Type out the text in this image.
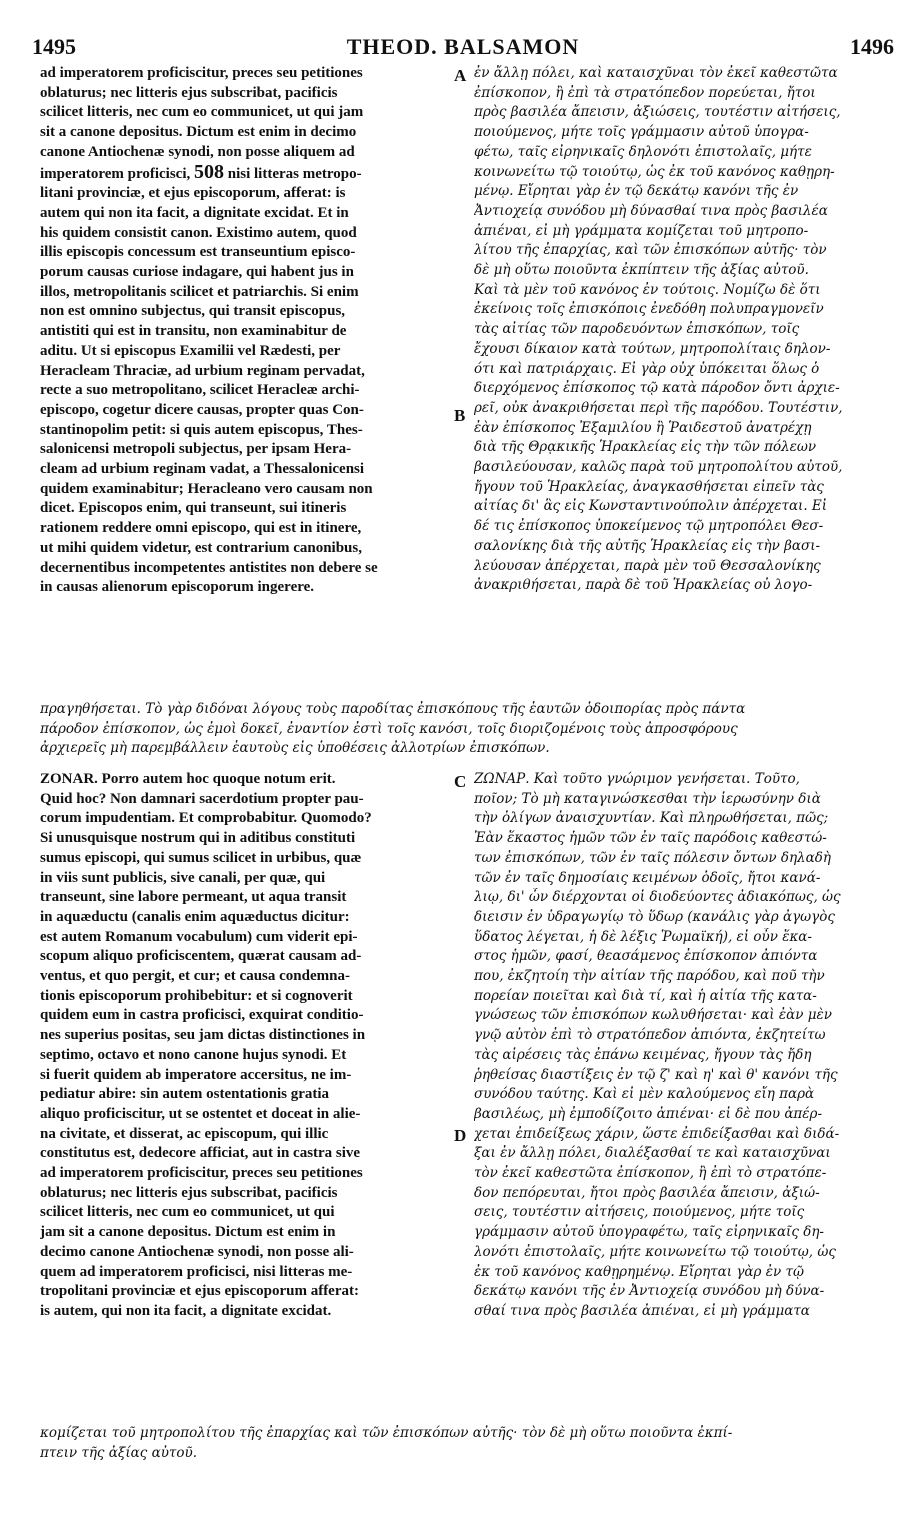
1495	THEOD. BALSAMON	1496
A
B
C
D
ad imperatorem proficiscitur, preces seu petitiones
oblaturus; nec litteris ejus subscribat, pacificis
scilicet litteris, nec cum eo communicet, ut qui jam
sit a canone depositus. Dictum est enim in decimo
canone Antiochenæ synodi, non posse aliquem ad
imperatorem proficisci, 508 nisi litteras metropo-
litani provinciæ, et ejus episcoporum, afferat: is
autem qui non ita facit, a dignitate excidat. Et in
his quidem consistit canon. Existimo autem, quod
illis episcopis concessum est transeuntium episco-
porum causas curiose indagare, qui habent jus in
illos, metropolitanis scilicet et patriarchis. Si enim
non est omnino subjectus, qui transit episcopus,
antistiti qui est in transitu, non examinabitur de
aditu. Ut si episcopus Examilii vel Rædesti, per
Heracleam Thraciæ, ad urbium reginam pervadat,
recte a suo metropolitano, scilicet Heracleæ archi-
episcopo, cogetur dicere causas, propter quas Con-
stantinopolim petit: si quis autem episcopus, Thes-
salonicensi metropoli subjectus, per ipsam Hera-
cleam ad urbium reginam vadat, a Thessalonicensi
quidem examinabitur; Heracleano vero causam non
dicet. Episcopos enim, qui transeunt, sui itineris
rationem reddere omni episcopo, qui est in itinere,
ut mihi quidem videtur, est contrarium canonibus,
decernentibus incompetentes antistites non debere se
in causas alienorum episcoporum ingerere.
ἐν ἄλλῃ πόλει, καὶ καταισχῦναι τὸν ἐκεῖ καθεστῶτα
ἐπίσκοπον, ἢ ἐπὶ τὰ στρατόπεδον πορεύεται, ἤτοι
πρὸς βασιλέα ἄπεισιν, ἀξιώσεις, τουτέστιν αἰτήσεις,
ποιούμενος, μήτε τοῖς γράμμασιν αὐτοῦ ὑπογρα-
φέτω, ταῖς εἰρηνικαῖς δηλονότι ἐπιστολαῖς, μήτε
κοινωνείτω τῷ τοιούτῳ, ὡς ἐκ τοῦ κανόνος καθῃρη-
μένῳ. Εἴρηται γὰρ ἐν τῷ δεκάτῳ κανόνι τῆς ἐν
Ἀντιοχείᾳ συνόδου μὴ δύνασθαί τινα πρὸς βασιλέα
ἀπιέναι, εἰ μὴ γράμματα κομίζεται τοῦ μητροπο-
λίτου τῆς ἐπαρχίας, καὶ τῶν ἐπισκόπων αὐτῆς· τὸν
δὲ μὴ οὕτω ποιοῦντα ἐκπίπτειν τῆς ἀξίας αὐτοῦ.
Καὶ τὰ μὲν τοῦ κανόνος ἐν τούτοις. Νομίζω δὲ ὅτι
ἐκείνοις τοῖς ἐπισκόποις ἐνεδόθη πολυπραγμονεῖν
τὰς αἰτίας τῶν παροδευόντων ἐπισκόπων, τοῖς
ἔχουσι δίκαιον κατὰ τούτων, μητροπολίταις δηλον-
ότι καὶ πατριάρχαις. Εἰ γὰρ οὐχ ὑπόκειται ὅλως ὁ
διερχόμενος ἐπίσκοπος τῷ κατὰ πάροδον ὄντι ἀρχιε-
ρεῖ, οὐκ ἀνακριθήσεται περὶ τῆς παρόδου. Τουτέστιν,
ἐὰν ἐπίσκοπος Ἐξαμιλίου ἢ Ῥαιδεστοῦ ἀνατρέχῃ
διὰ τῆς Θρᾳκικῆς Ἡρακλείας εἰς τὴν τῶν πόλεων
βασιλεύουσαν, καλῶς παρὰ τοῦ μητροπολίτου αὐτοῦ,
ἤγουν τοῦ Ἡρακλείας, ἀναγκασθήσεται εἰπεῖν τὰς
αἰτίας δι' ἃς εἰς Κωνσταντινούπολιν ἀπέρχεται. Εἰ
δέ τις ἐπίσκοπος ὑποκείμενος τῷ μητροπόλει Θεσ-
σαλονίκης διὰ τῆς αὐτῆς Ἡρακλείας εἰς τὴν βασι-
λεύουσαν ἀπέρχεται, παρὰ μὲν τοῦ Θεσσαλονίκης
ἀνακριθήσεται, παρὰ δὲ τοῦ Ἡρακλείας οὐ λογο-
πραγηθήσεται. Τὸ γὰρ διδόναι λόγους τοὺς παροδίτας ἐπισκόπους τῆς ἑαυτῶν ὁδοιπορίας πρὸς πάντα
πάροδον ἐπίσκοπον, ὡς ἐμοὶ δοκεῖ, ἐναντίον ἐστὶ τοῖς κανόσι, τοῖς διοριζομένοις τοὺς ἀπροσφόρους
ἀρχιερεῖς μὴ παρεμβάλλειν ἑαυτοὺς εἰς ὑποθέσεις ἀλλοτρίων ἐπισκόπων.
ZONAR. Porro autem hoc quoque notum erit.
Quid hoc? Non damnari sacerdotium propter pau-
corum impudentiam. Et comprobabitur. Quomodo?
Si unusquisque nostrum qui in aditibus constituti
sumus episcopi, qui sumus scilicet in urbibus, quæ
in viis sunt publicis, sive canali, per quæ, qui
transeunt, sine labore permeant, ut aqua transit
in aquæductu (canalis enim aquæductus dicitur:
est autem Romanum vocabulum) cum viderit epi-
scopum aliquo proficiscentem, quærat causam ad-
ventus, et quo pergit, et cur; et causa condemna-
tionis episcoporum prohibebitur: et si cognoverit
quidem eum in castra proficisci, exquirat conditio-
nes superius positas, seu jam dictas distinctiones in
septimo, octavo et nono canone hujus synodi. Et
si fuerit quidem ab imperatore accersitus, ne im-
pediatur abire: sin autem ostentationis gratia
aliquo proficiscitur, ut se ostentet et doceat in alie-
na civitate, et disserat, ac episcopum, qui illic
constitutus est, dedecore afficiat, aut in castra sive
ad imperatorem proficiscitur, preces seu petitiones
oblaturus; nec litteris ejus subscribat, pacificis
scilicet litteris, nec cum eo communicet, ut qui
jam sit a canone depositus. Dictum est enim in
decimo canone Antiochenæ synodi, non posse ali-
quem ad imperatorem proficisci, nisi litteras me-
tropolitani provinciæ et ejus episcoporum afferat:
is autem, qui non ita facit, a dignitate excidat.
ΖΩΝΑΡ. Καὶ τοῦτο γνώριμον γενήσεται. Τοῦτο,
ποῖον; Τὸ μὴ καταγινώσκεσθαι τὴν ἱερωσύνην διὰ
τὴν ὀλίγων ἀναισχυντίαν. Καὶ πληρωθήσεται, πῶς;
Ἐὰν ἕκαστος ἡμῶν τῶν ἐν ταῖς παρόδοις καθεστώ-
των ἐπισκόπων, τῶν ἐν ταῖς πόλεσιν ὄντων δηλαδὴ
τῶν ἐν ταῖς δημοσίαις κειμένων ὁδοῖς, ἤτοι κανά-
λιῳ, δι' ὧν διέρχονται οἱ διοδεύοντες ἀδιακόπως, ὡς
διεισιν ἐν ὑδραγωγίῳ τὸ ὕδωρ (κανάλις γὰρ ἀγωγὸς
ὕδατος λέγεται, ἡ δὲ λέξις Ῥωμαϊκή), εἰ οὖν ἕκα-
στος ἡμῶν, φασί, θεασάμενος ἐπίσκοπον ἀπιόντα
που, ἐκζητοίη τὴν αἰτίαν τῆς παρόδου, καὶ ποῦ τὴν
πορείαν ποιεῖται καὶ διὰ τί, καὶ ἡ αἰτία τῆς κατα-
γνώσεως τῶν ἐπισκόπων κωλυθήσεται· καὶ ἐὰν μὲν
γνῷ αὐτὸν ἐπὶ τὸ στρατόπεδον ἀπιόντα, ἐκζητείτω
τὰς αἱρέσεις τὰς ἐπάνω κειμένας, ἤγουν τὰς ἤδη
ῥηθείσας διαστίξεις ἐν τῷ ζ' καὶ η' καὶ θ' κανόνι τῆς
συνόδου ταύτης. Καὶ εἰ μὲν καλούμενος εἴη παρὰ
βασιλέως, μὴ ἐμποδίζοιτο ἀπιέναι· εἰ δὲ που ἀπέρ-
χεται ἐπιδείξεως χάριν, ὥστε ἐπιδείξασθαι καὶ διδά-
ξαι ἐν ἄλλῃ πόλει, διαλέξασθαί τε καὶ καταισχῦναι
τὸν ἐκεῖ καθεστῶτα ἐπίσκοπον, ἢ ἐπὶ τὸ στρατόπε-
δον πεπόρευται, ἤτοι πρὸς βασιλέα ἄπεισιν, ἀξιώ-
σεις, τουτέστιν αἰτήσεις, ποιούμενος, μήτε τοῖς
γράμμασιν αὐτοῦ ὑπογραφέτω, ταῖς εἰρηνικαῖς δη-
λονότι ἐπιστολαῖς, μήτε κοινωνείτω τῷ τοιούτῳ, ὡς
ἐκ τοῦ κανόνος καθῃρημένῳ. Εἴρηται γὰρ ἐν τῷ
δεκάτῳ κανόνι τῆς ἐν Ἀντιοχείᾳ συνόδου μὴ δύνα-
σθαί τινα πρὸς βασιλέα ἀπιέναι, εἰ μὴ γράμματα
κομίζεται τοῦ μητροπολίτου τῆς ἐπαρχίας καὶ τῶν ἐπισκόπων αὐτῆς· τὸν δὲ μὴ οὕτω ποιοῦντα ἐκπί-
πτειν τῆς ἀξίας αὐτοῦ.
